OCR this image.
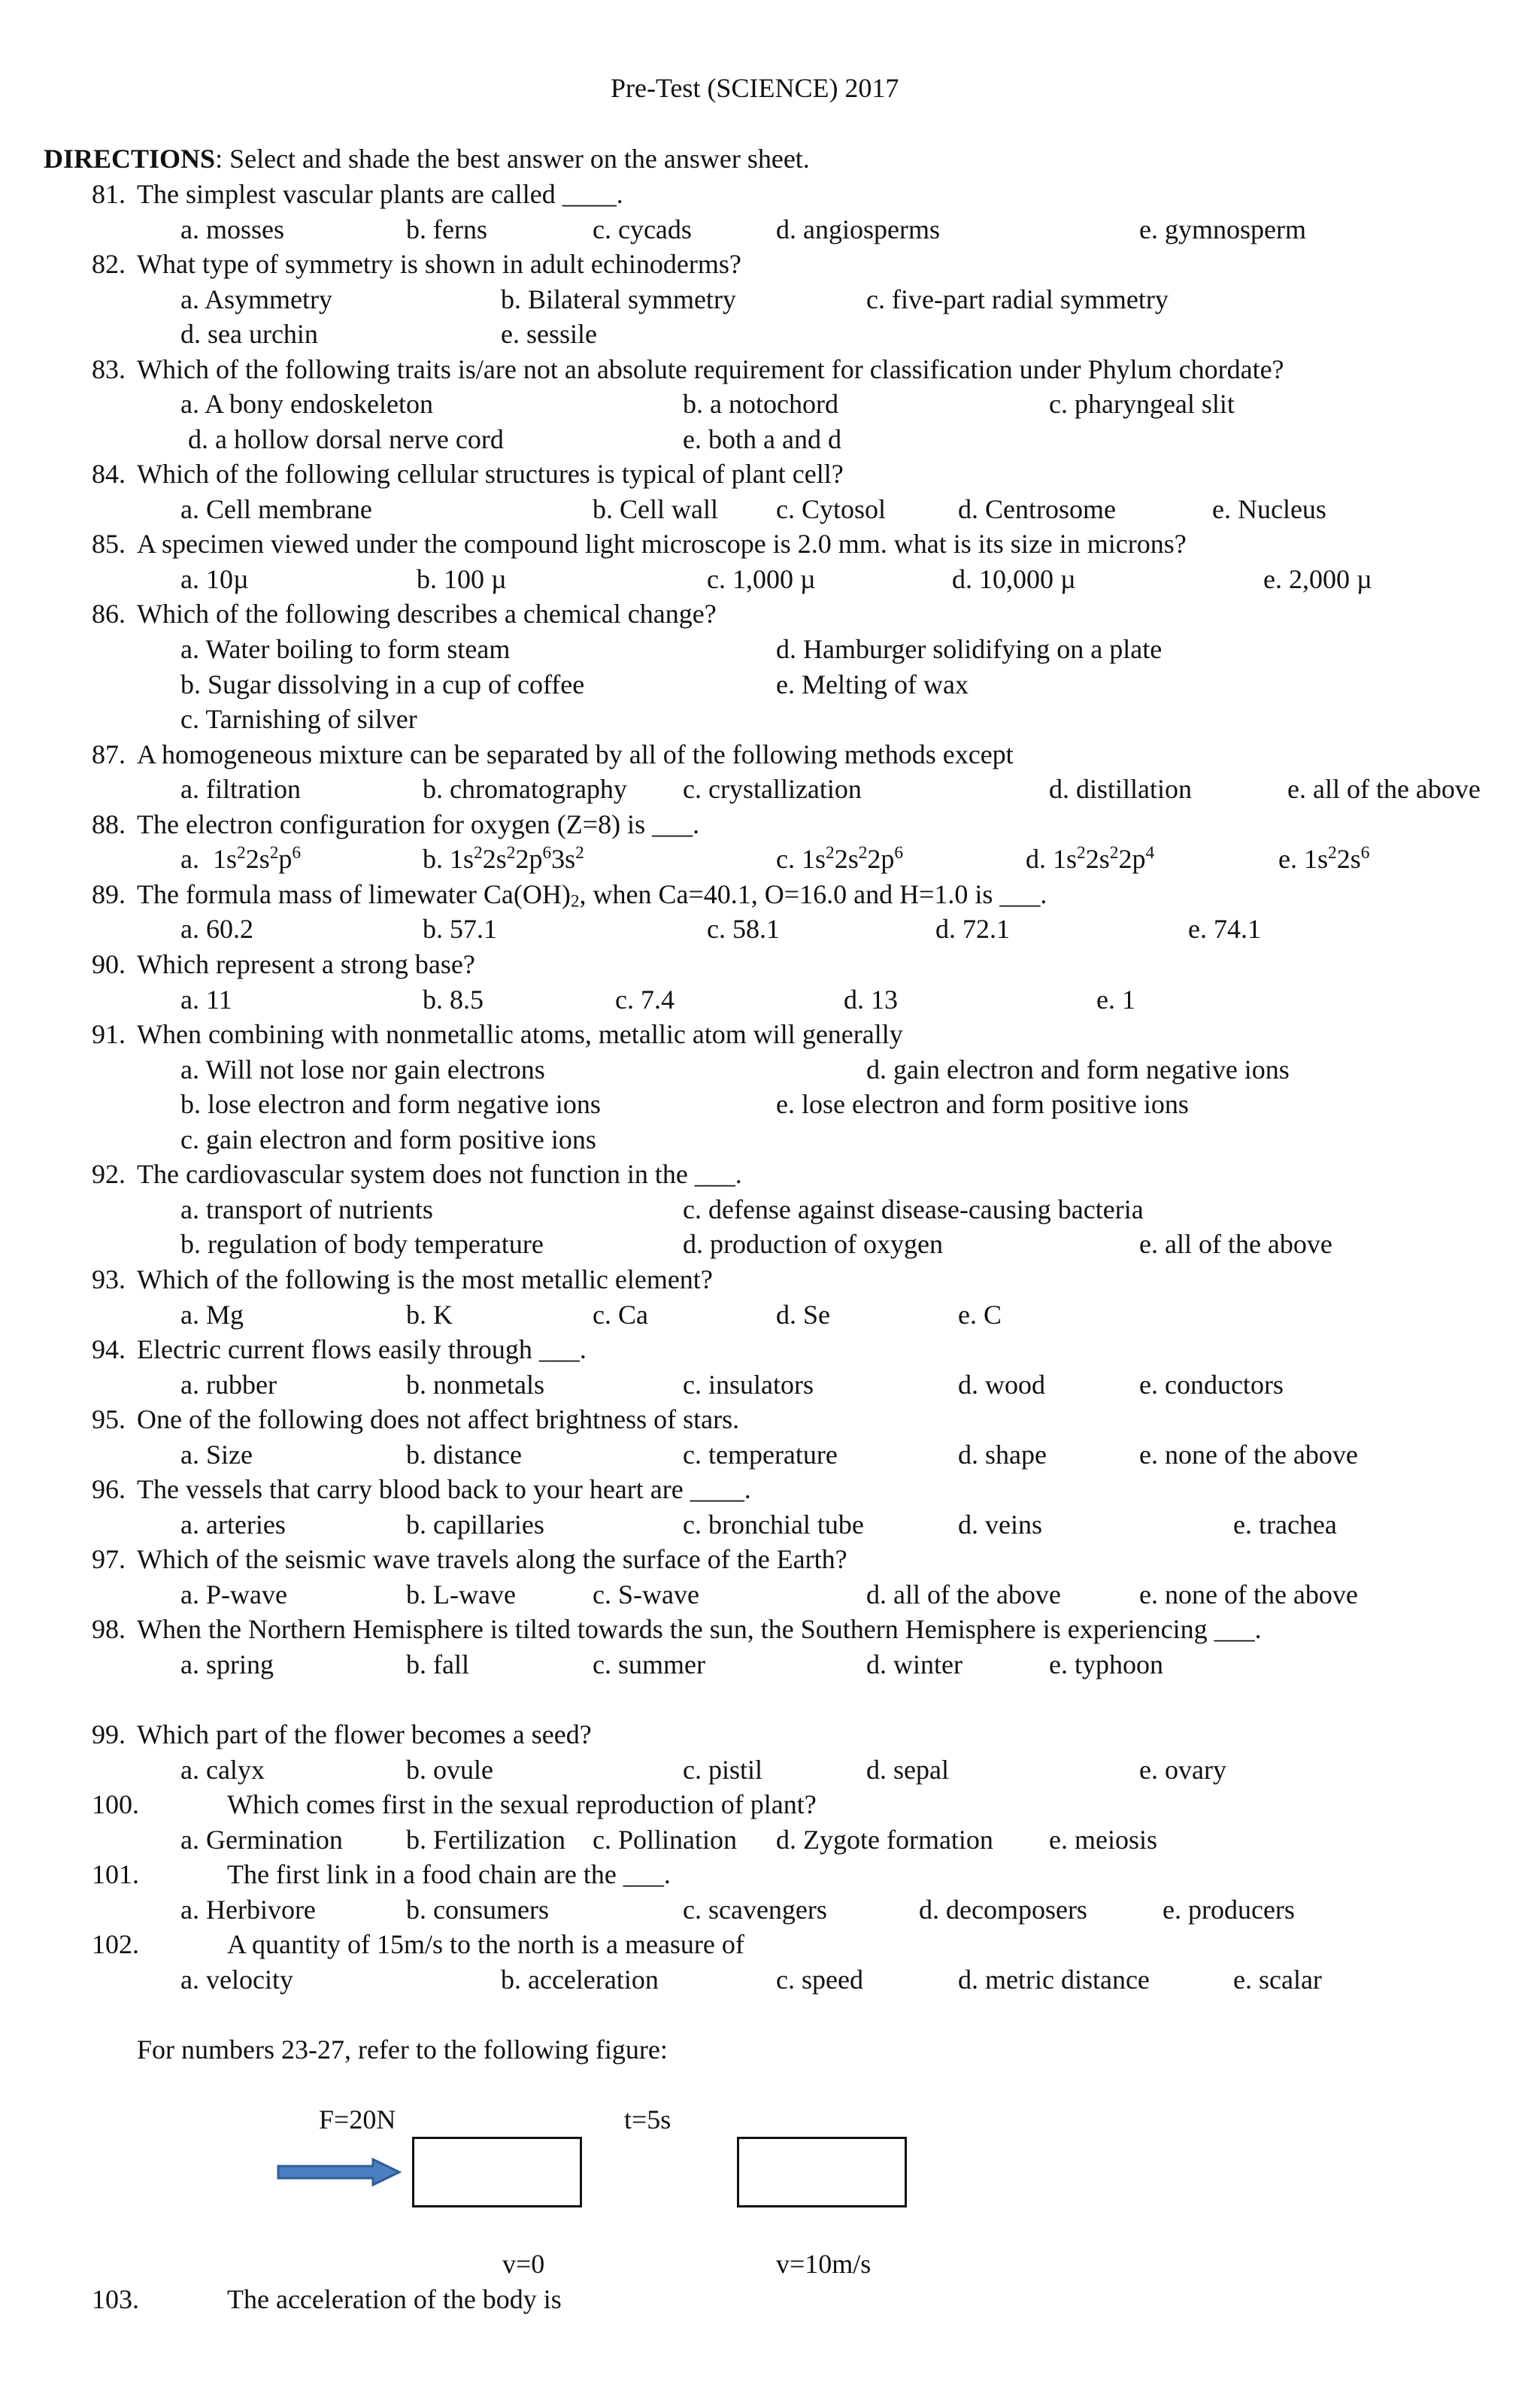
Pre-Test (SCIENCE) 2017
DIRECTIONS: Select and shade the best answer on the answer sheet.
81. The simplest vascular plants are called ____.
a. mosses	b. ferns	c. cycads	d. angiosperms	e. gymnosperm
82. What type of symmetry is shown in adult echinoderms?
a. Asymmetry	b. Bilateral symmetry	c. five-part radial symmetry
d. sea urchin	e. sessile
83. Which of the following traits is/are not an absolute requirement for classification under Phylum chordate?
a. A bony endoskeleton	b. a notochord	c. pharyngeal slit
d. a hollow dorsal nerve cord	e. both a and d
84. Which of the following cellular structures is typical of plant cell?
a. Cell membrane	b. Cell wall c. Cytosol	d. Centrosome	e. Nucleus
85. A specimen viewed under the compound light microscope is 2.0 mm. what is its size in microns?
a. 10µ	b. 100 µ	c. 1,000 µ	d. 10,000 µ	e. 2,000 µ
86. Which of the following describes a chemical change?
a. Water boiling to form steam	d. Hamburger solidifying on a plate
b. Sugar dissolving in a cup of coffee	e. Melting of wax
c. Tarnishing of silver
87. A homogeneous mixture can be separated by all of the following methods except
a. filtration	b. chromatography c. crystallization	d. distillation	e. all of the above
88. The electron configuration for oxygen (Z=8) is ___.
a. $1s^22s^2p^6$	b. $1s^22s^22p^63s^2$	c. $1s^22s^22p^6$	d. $1s^22s^22p^4$	e. $1s^22s^6$
89. The formula mass of limewater $Ca(OH)_2$, when Ca=40.1, O=16.0 and H=1.0 is ___.
a. 60.2	b. 57.1	c. 58.1	d. 72.1	e. 74.1
90. Which represent a strong base?
a. 11	b. 8.5	c. 7.4	d. 13	e. 1
91. When combining with nonmetallic atoms, metallic atom will generally
a. Will not lose nor gain electrons	d. gain electron and form negative ions
b. lose electron and form negative ions	e. lose electron and form positive ions
c. gain electron and form positive ions
92. The cardiovascular system does not function in the ___.
a. transport of nutrients	c. defense against disease-causing bacteria
b. regulation of body temperature	d. production of oxygen	e. all of the above
93. Which of the following is the most metallic element?
a. Mg	b. K	c. Ca	d. Se	e. C
94. Electric current flows easily through ___.
a. rubber	b. nonmetals	c. insulators	d. wood	e. conductors
95. One of the following does not affect brightness of stars.
a. Size	b. distance	c. temperature	d. shape	e. none of the above
96. The vessels that carry blood back to your heart are ____.
a. arteries	b. capillaries	c. bronchial tube	d. veins	e. trachea
97. Which of the seismic wave travels along the surface of the Earth?
a. P-wave	b. L-wave	c. S-wave	d. all of the above	e. none of the above
98. When the Northern Hemisphere is tilted towards the sun, the Southern Hemisphere is experiencing ___.
a. spring	b. fall	c. summer	d. winter	e. typhoon
99. Which part of the flower becomes a seed?
a. calyx	b. ovule	c. pistil	d. sepal	e. ovary
100.	Which comes first in the sexual reproduction of plant?
a. Germination b. Fertilization c. Pollination d. Zygote formation e. meiosis
101.	The first link in a food chain are the ___.
a. Herbivore	b. consumers	c. scavengers	d. decomposers	e. producers
102.	A quantity of 15m/s to the north is a measure of
a. velocity	b. acceleration	c. speed	d. metric distance	e. scalar
For numbers 23-27, refer to the following figure:
F=20N	t=5s
v=0	v=10m/s
103.	The acceleration of the body is
